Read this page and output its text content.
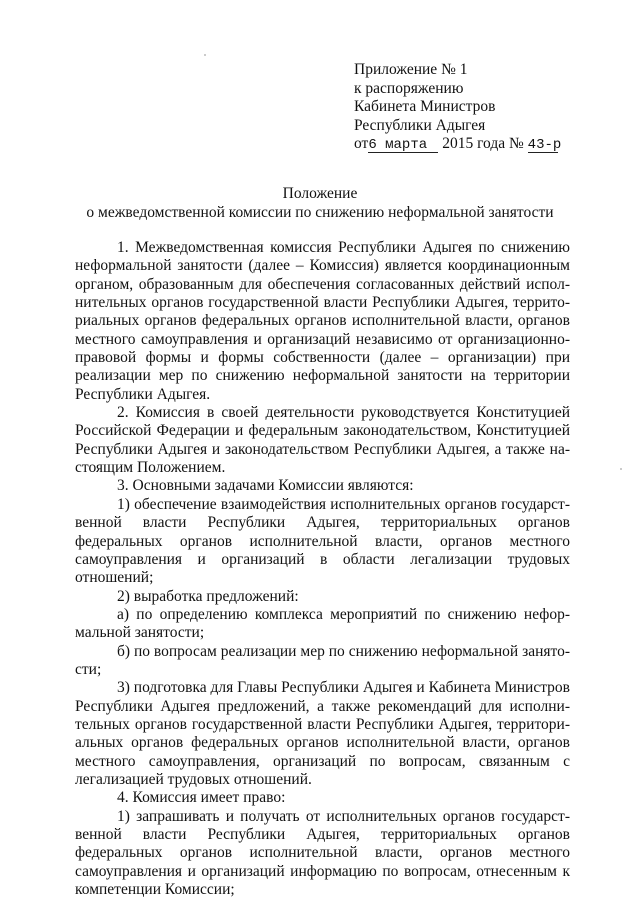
Приложение № 1
к распоряжению
Кабинета Министров
Республики Адыгея
от6 марта 2015 года № 43-р
Положение
о межведомственной комиссии по снижению неформальной занятости

1. Межведомственная комиссия Республики Адыгея по снижению неформальной занятости (далее – Комиссия) является координационным органом, образованным для обеспечения согласованных действий исполнительных органов государственной власти Республики Адыгея, территориальных органов федеральных органов исполнительной власти, органов местного самоуправления и организаций независимо от организационно-правовой формы и формы собственности (далее – организации) при реализации мер по снижению неформальной занятости на территории Республики Адыгея.

2. Комиссия в своей деятельности руководствуется Конституцией Российской Федерации и федеральным законодательством, Конституцией Республики Адыгея и законодательством Республики Адыгея, а также настоящим Положением.

3. Основными задачами Комиссии являются:

1) обеспечение взаимодействия исполнительных органов государственной власти Республики Адыгея, территориальных органов федеральных органов исполнительной власти, органов местного самоуправления и организаций в области легализации трудовых отношений;

2) выработка предложений:

а) по определению комплекса мероприятий по снижению неформальной занятости;

б) по вопросам реализации мер по снижению неформальной занятости;

3) подготовка для Главы Республики Адыгея и Кабинета Министров Республики Адыгея предложений, а также рекомендаций для исполнительных органов государственной власти Республики Адыгея, территориальных органов федеральных органов исполнительной власти, органов местного самоуправления, организаций по вопросам, связанным с легализацией трудовых отношений.

4. Комиссия имеет право:

1) запрашивать и получать от исполнительных органов государственной власти Республики Адыгея, территориальных органов федеральных органов исполнительной власти, органов местного самоуправления и организаций информацию по вопросам, отнесенным к компетенции Комиссии;
